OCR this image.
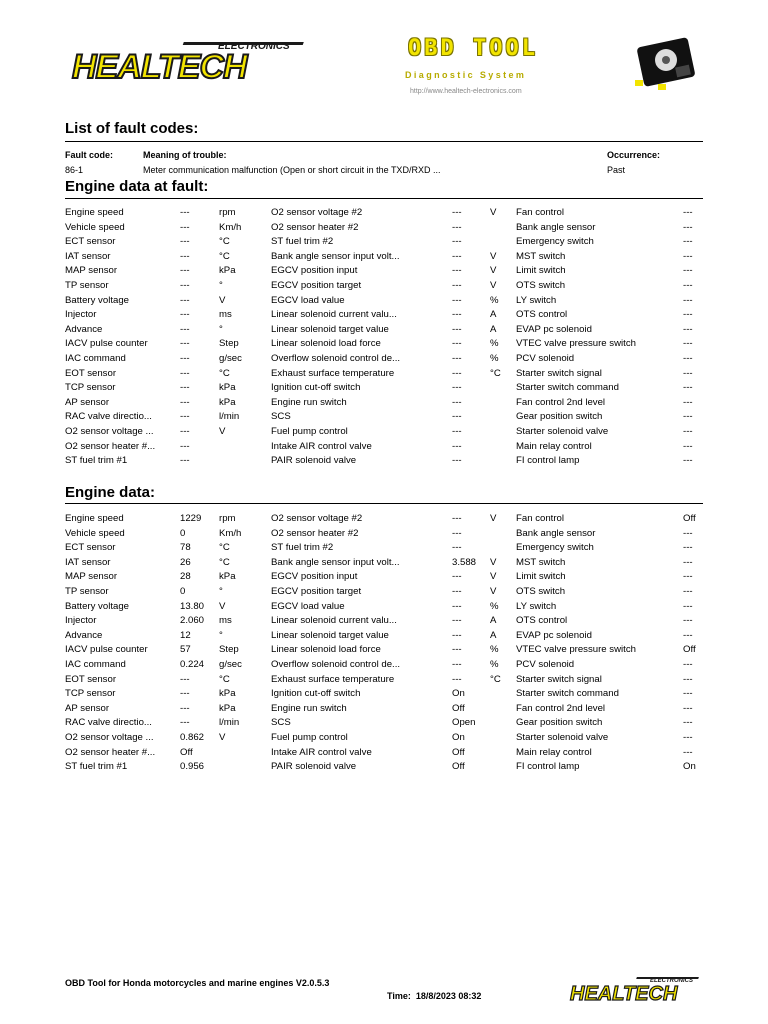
ELECTRONICS
HEALTECH	OBD TOOL
Diagnostic System
http://www.healtech-electronics.com
List of fault codes:
Fault code:	Meaning of trouble:	Occurrence:
86-1	Meter communication malfunction (Open or short circuit in the TXD/RXD ...	Past
Engine data at fault:
Engine speed	---	rpm	O2 sensor voltage #2	---	V Fan control	---
Vehicle speed	---	Km/h	O2 sensor heater #2	---	Bank angle sensor	---
ECT sensor	---	°C	ST fuel trim #2	---	Emergency switch	---
IAT sensor	---	°C	Bank angle sensor input volt...	---	V MST switch	---
MAP sensor	---	kPa	EGCV position input	---	V Limit switch	---
TP sensor	---	°	EGCV position target	---	V OTS switch	---
Battery voltage	---	V	EGCV load value	---	% LY switch	---
Injector	---	ms	Linear solenoid current valu...	---	A OTS control	---
Advance	---	°	Linear solenoid target value	---	A EVAP pc solenoid	---
IACV pulse counter	---	Step	Linear solenoid load force	---	% VTEC valve pressure switch	---
IAC command	---	g/sec	Overflow solenoid control de...	---	% PCV solenoid	---
EOT sensor	---	°C	Exhaust surface temperature	---	°C Starter switch signal	---
TCP sensor	---	kPa	Ignition cut-off switch	---	Starter switch command	---
AP sensor	---	kPa	Engine run switch	---	Fan control 2nd level	---
RAC valve directio...	---	l/min	SCS	---	Gear position switch	---
O2 sensor voltage ...	---	V	Fuel pump control	---	Starter solenoid valve	---
O2 sensor heater #...	---	Intake AIR control valve	---	Main relay control	---
ST fuel trim #1	---	PAIR solenoid valve	---	FI control lamp	---
Engine data:
Engine speed	1229 rpm	O2 sensor voltage #2	---	V Fan control	Off
Vehicle speed	0	Km/h	O2 sensor heater #2	---	Bank angle sensor	---
ECT sensor	78	°C	ST fuel trim #2	---	Emergency switch	---
IAT sensor	26	°C	Bank angle sensor input volt...	3.588 V MST switch	---
MAP sensor	28	kPa	EGCV position input	---	V Limit switch	---
TP sensor	0	°	EGCV position target	---	V OTS switch	---
Battery voltage	13.80 V	EGCV load value	---	% LY switch	---
Injector	2.060 ms	Linear solenoid current valu...	---	A OTS control	---
Advance	12	°	Linear solenoid target value	---	A EVAP pc solenoid	---
IACV pulse counter	57	Step	Linear solenoid load force	---	% VTEC valve pressure switch	Off
IAC command	0.224 g/sec	Overflow solenoid control de...	---	% PCV solenoid	---
EOT sensor	---	°C	Exhaust surface temperature	---	°C Starter switch signal	---
TCP sensor	---	kPa	Ignition cut-off switch	On	Starter switch command	---
AP sensor	---	kPa	Engine run switch	Off	Fan control 2nd level	---
RAC valve directio...	---	l/min	SCS	Open	Gear position switch	---
O2 sensor voltage ...	0.862 V	Fuel pump control	On	Starter solenoid valve	---
O2 sensor heater #...	Off	Intake AIR control valve	Off	Main relay control	---
ST fuel trim #1	0.956	PAIR solenoid valve	Off	FI control lamp	On
OBD Tool for Honda motorcycles and marine engines V2.0.5.3
Time: 18/8/2023 08:32
ELECTRONICS
HEALTECH
